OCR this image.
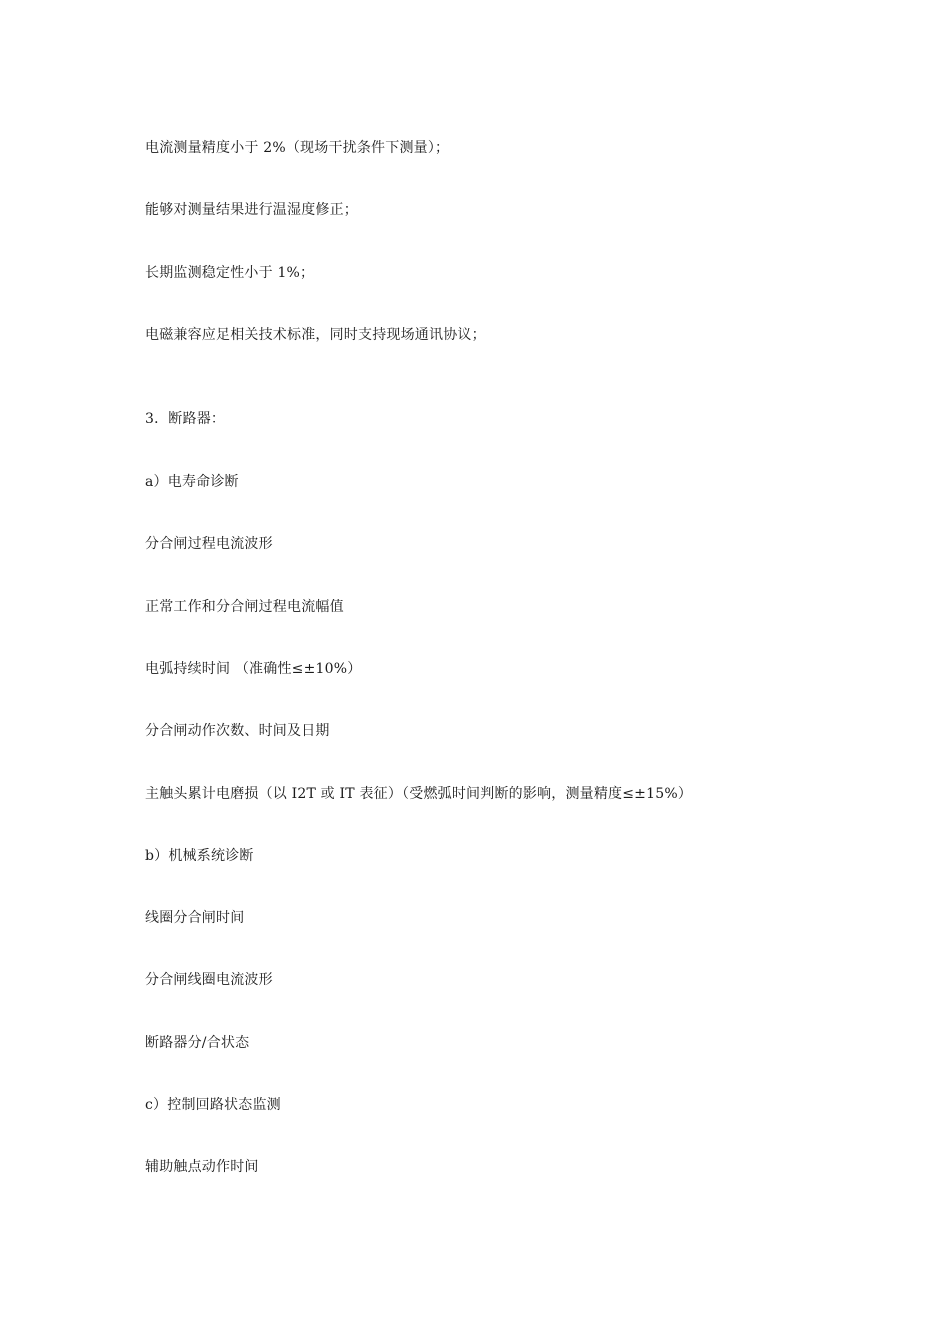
电流测量精度小于 2%（现场干扰条件下测量）；
能够对测量结果进行温湿度修正；
长期监测稳定性小于 1%；
电磁兼容应足相关技术标准，同时支持现场通讯协议；
3．断路器：
a）电寿命诊断
分合闸过程电流波形
正常工作和分合闸过程电流幅值
电弧持续时间 （准确性≤±10%）
分合闸动作次数、时间及日期
主触头累计电磨损（以 I2T 或 IT 表征）（受燃弧时间判断的影响，测量精度≤±15%）
b）机械系统诊断
线圈分合闸时间
分合闸线圈电流波形
断路器分/合状态
c）控制回路状态监测
辅助触点动作时间
